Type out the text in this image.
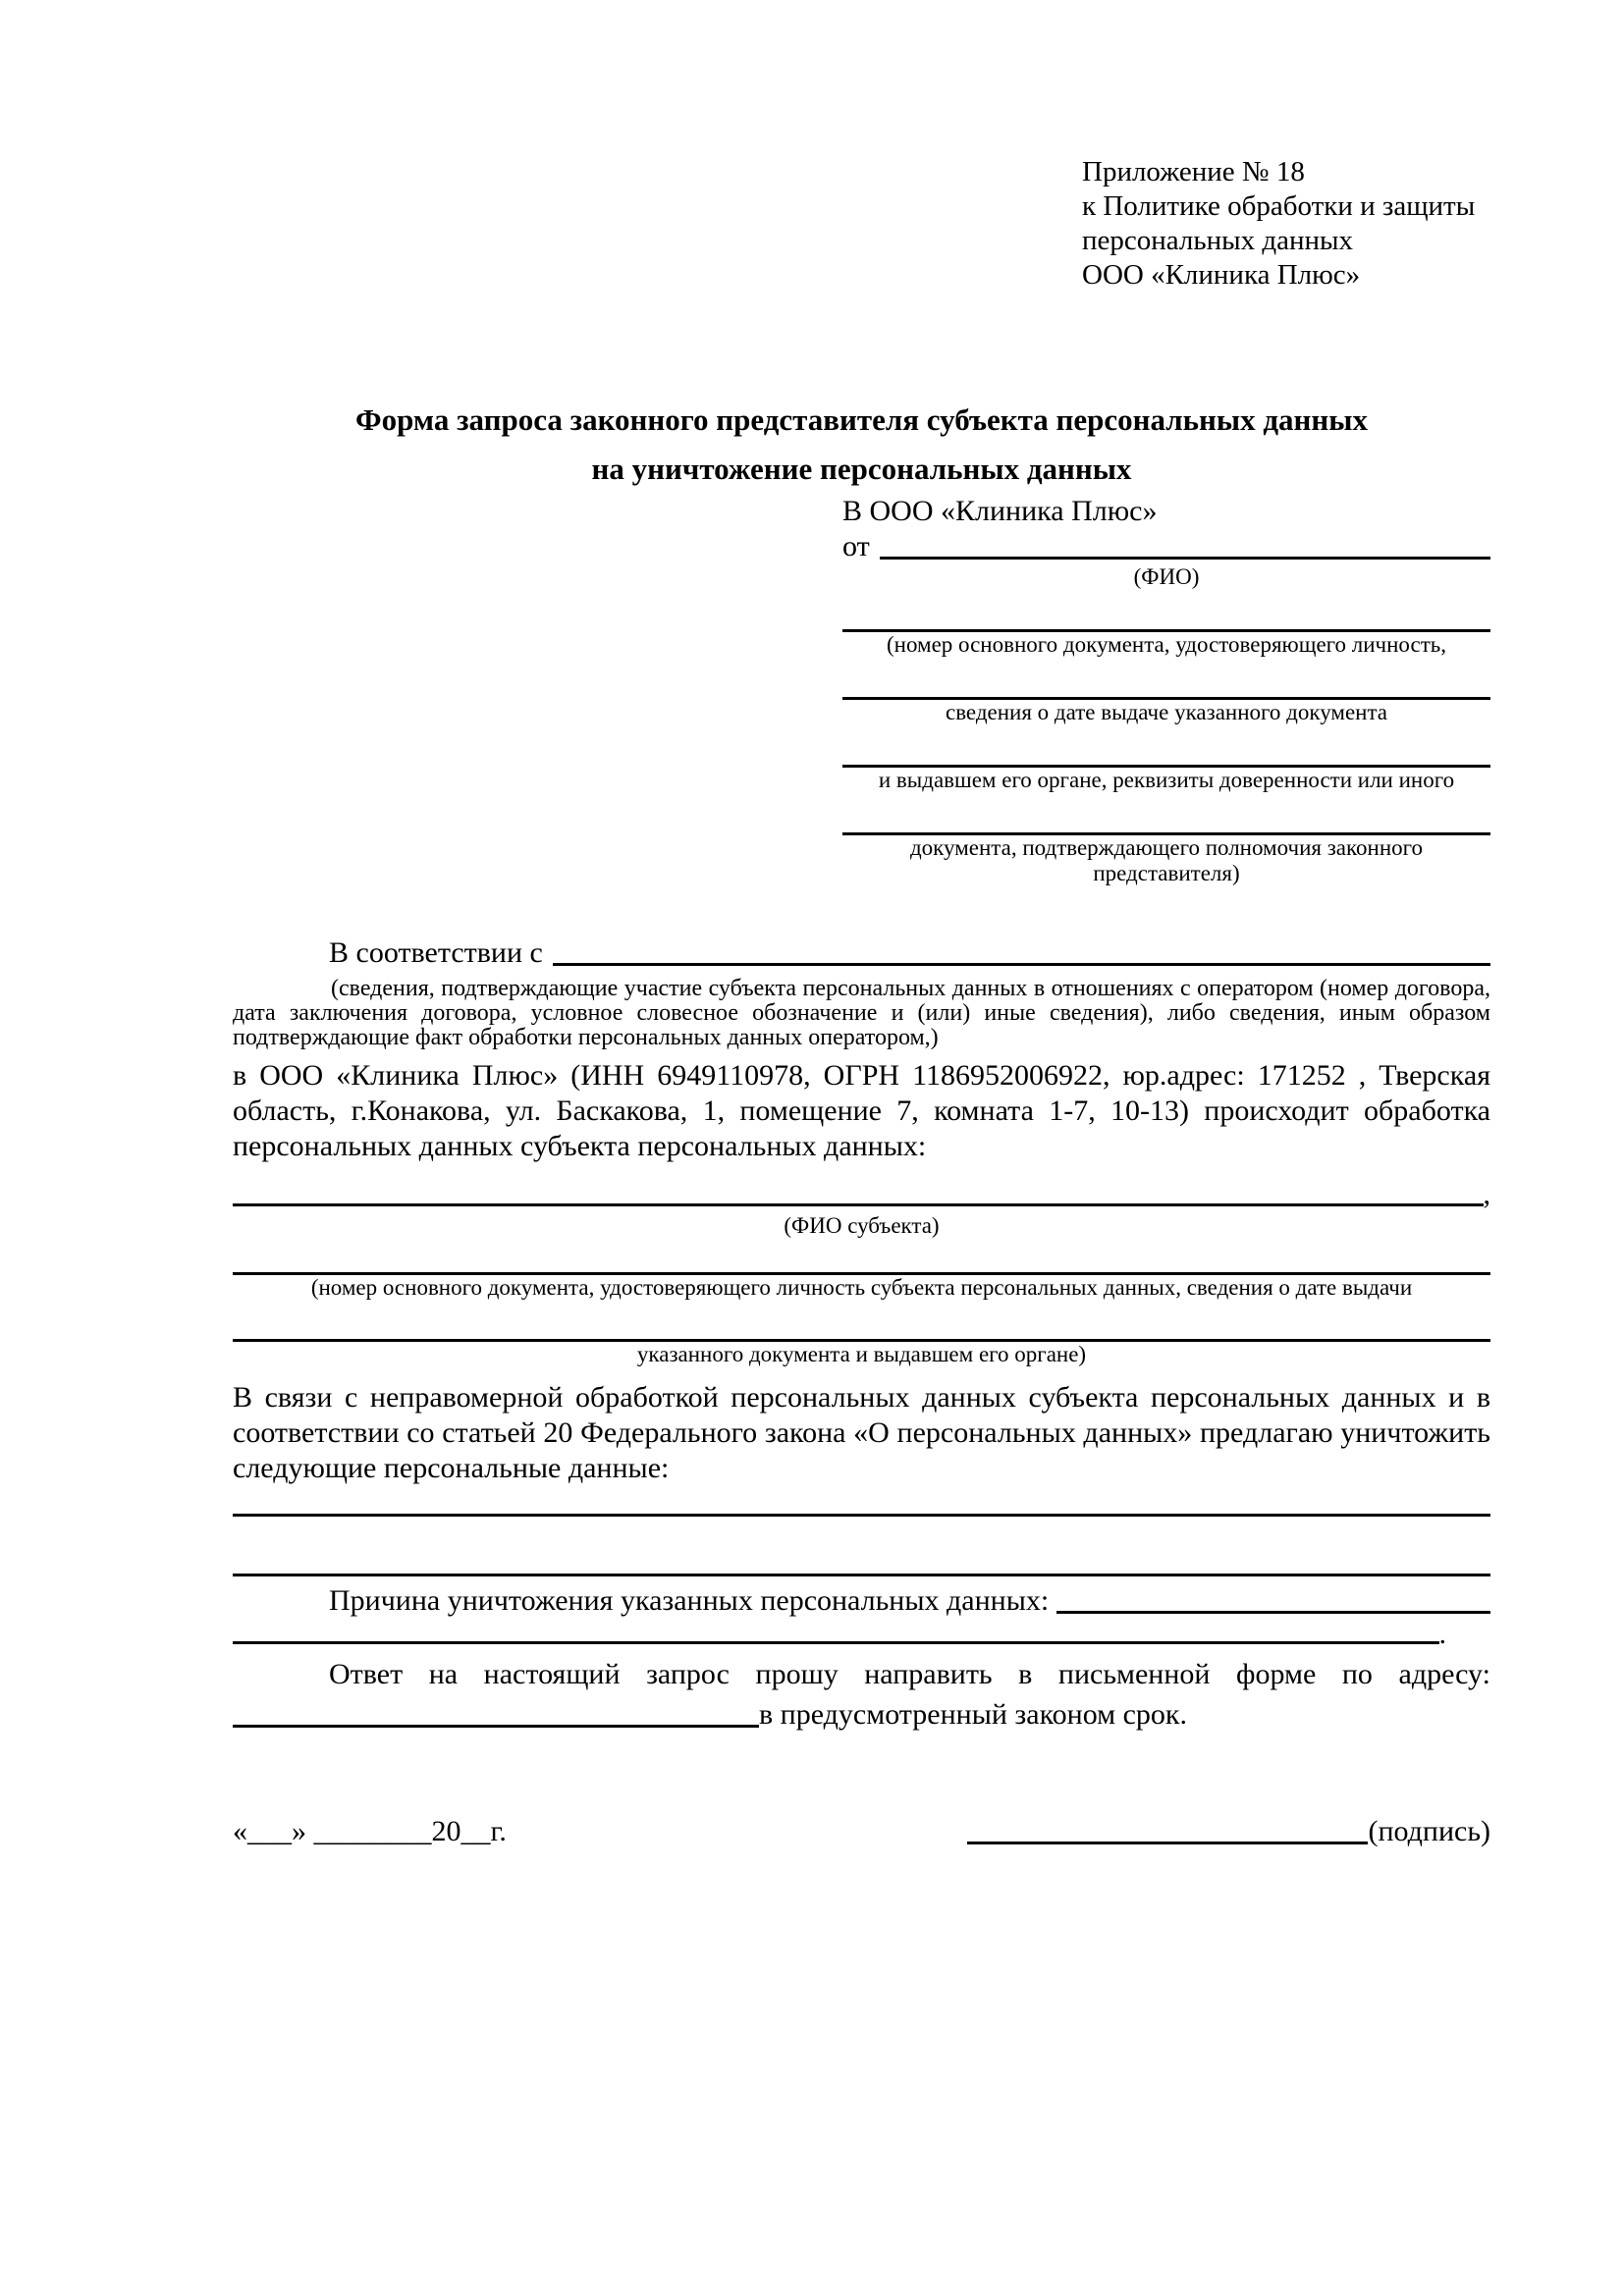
Приложение № 18
к Политике обработки и защиты
персональных данных
ООО «Клиника Плюс»
Форма запроса законного представителя субъекта персональных данных
на уничтожение персональных данных
В ООО «Клиника Плюс»
от
(ФИО)
(номер основного документа, удостоверяющего личность,
сведения о дате выдаче указанного документа
и выдавшем его органе, реквизиты доверенности или иного
документа, подтверждающего полномочия законного представителя)
В соответствии с
(сведения, подтверждающие участие субъекта персональных данных в отношениях с оператором (номер договора, дата заключения договора, условное словесное обозначение и (или) иные сведения), либо сведения, иным образом подтверждающие факт обработки персональных данных оператором,)
в ООО «Клиника Плюс» (ИНН 6949110978, ОГРН 1186952006922, юр.адрес: 171252 , Тверская область, г.Конакова, ул. Баскакова, 1, помещение 7, комната 1-7, 10-13) происходит обработка персональных данных субъекта персональных данных:
,
(ФИО субъекта)
(номер основного документа, удостоверяющего личность субъекта персональных данных, сведения о дате выдачи
указанного документа и выдавшем его органе)
В связи с неправомерной обработкой персональных данных субъекта персональных данных и в соответствии со статьей 20 Федерального закона «О персональных данных» предлагаю уничтожить следующие персональные данные:
Причина уничтожения указанных персональных данных:
.
Ответ на настоящий запрос прошу направить в письменной форме по адресу:
в предусмотренный законом срок.
«___» ________20__г.	(подпись)
